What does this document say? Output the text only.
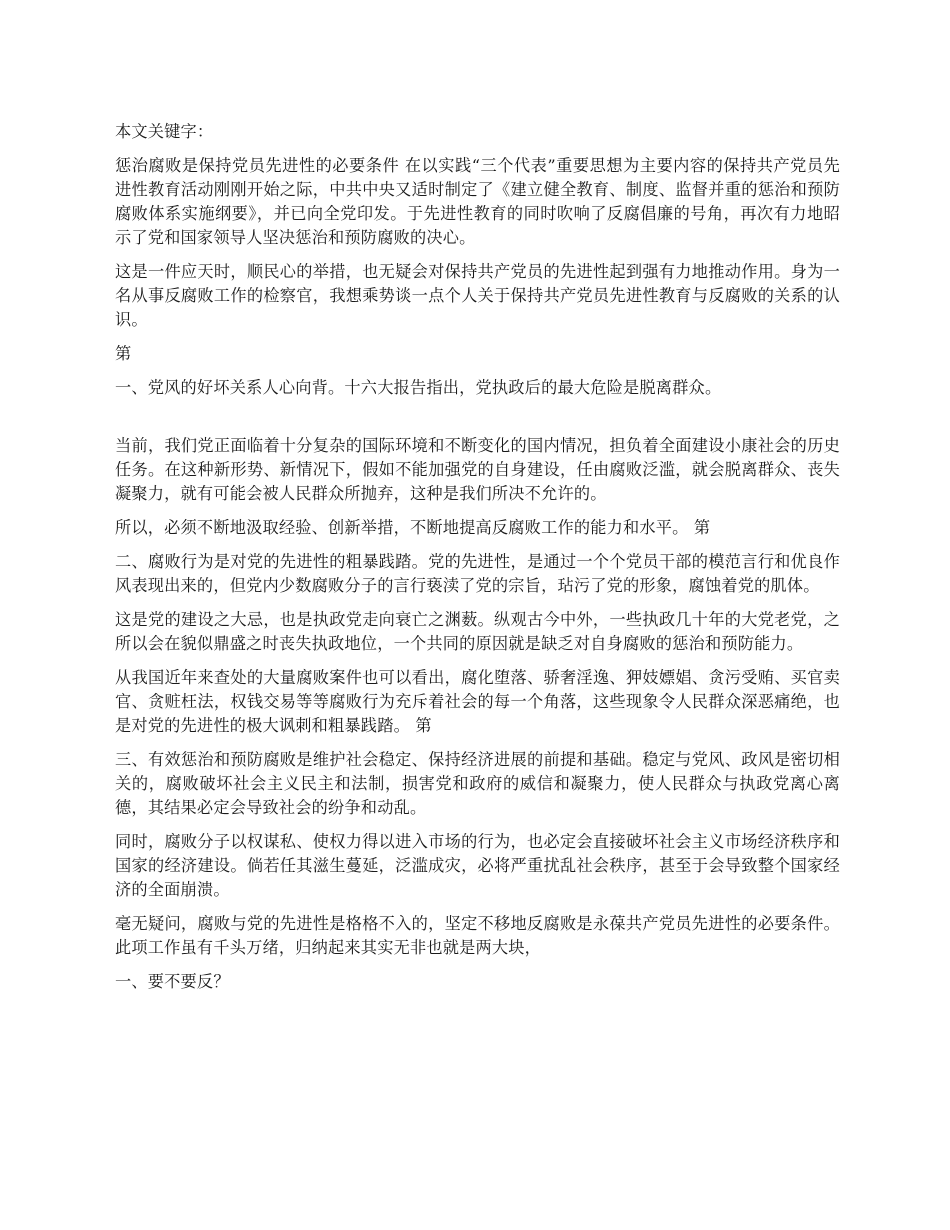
本文关键字：

惩治腐败是保持党员先进性的必要条件 在以实践“三个代表”重要思想为主要内容的保持共产党员先进性教育活动刚刚开始之际，中共中央又适时制定了《建立健全教育、制度、监督并重的惩治和预防腐败体系实施纲要》，并已向全党印发。于先进性教育的同时吹响了反腐倡廉的号角，再次有力地昭示了党和国家领导人坚决惩治和预防腐败的决心。

这是一件应天时，顺民心的举措，也无疑会对保持共产党员的先进性起到强有力地推动作用。身为一名从事反腐败工作的检察官，我想乘势谈一点个人关于保持共产党员先进性教育与反腐败的关系的认识。

第

一、党风的好坏关系人心向背。十六大报告指出，党执政后的最大危险是脱离群众。

当前，我们党正面临着十分复杂的国际环境和不断变化的国内情况，担负着全面建设小康社会的历史任务。在这种新形势、新情况下，假如不能加强党的自身建设，任由腐败泛滥，就会脱离群众、丧失凝聚力，就有可能会被人民群众所抛弃，这种是我们所决不允许的。

所以，必须不断地汲取经验、创新举措，不断地提高反腐败工作的能力和水平。 第

二、腐败行为是对党的先进性的粗暴践踏。党的先进性，是通过一个个党员干部的模范言行和优良作风表现出来的，但党内少数腐败分子的言行亵渎了党的宗旨，玷污了党的形象，腐蚀着党的肌体。

这是党的建设之大忌，也是执政党走向衰亡之渊薮。纵观古今中外，一些执政几十年的大党老党，之所以会在貌似鼎盛之时丧失执政地位，一个共同的原因就是缺乏对自身腐败的惩治和预防能力。

从我国近年来查处的大量腐败案件也可以看出，腐化堕落、骄奢淫逸、狎妓嫖娼、贪污受贿、买官卖官、贪赃枉法，权钱交易等等腐败行为充斥着社会的每一个角落，这些现象令人民群众深恶痛绝，也是对党的先进性的极大讽刺和粗暴践踏。 第

三、有效惩治和预防腐败是维护社会稳定、保持经济进展的前提和基础。稳定与党风、政风是密切相关的，腐败破坏社会主义民主和法制，损害党和政府的威信和凝聚力，使人民群众与执政党离心离德，其结果必定会导致社会的纷争和动乱。

同时，腐败分子以权谋私、使权力得以进入市场的行为，也必定会直接破坏社会主义市场经济秩序和国家的经济建设。倘若任其滋生蔓延，泛滥成灾，必将严重扰乱社会秩序，甚至于会导致整个国家经济的全面崩溃。

毫无疑问，腐败与党的先进性是格格不入的，坚定不移地反腐败是永葆共产党员先进性的必要条件。此项工作虽有千头万绪，归纳起来其实无非也就是两大块，

一、要不要反？
